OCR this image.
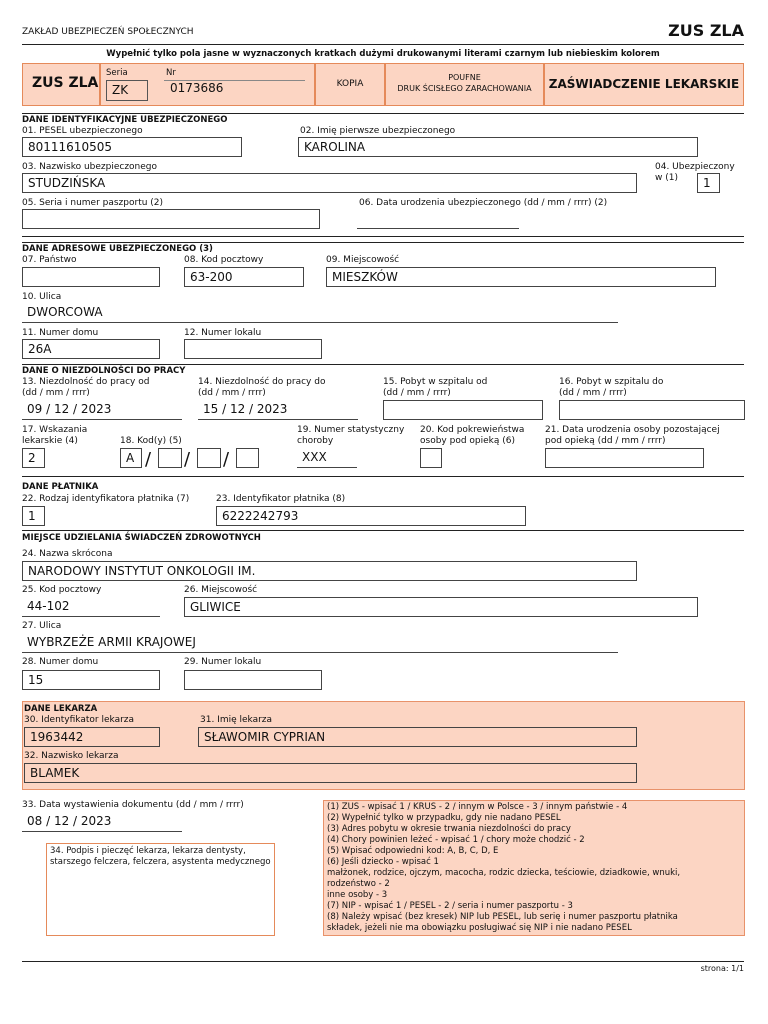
ZAKŁAD UBEZPIECZEŃ SPOŁECZNYCH	ZUS ZLA
Wypełnić tylko pola jasne w wyznaczonych kratkach dużymi drukowanymi literami czarnym lub niebieskim kolorem
ZUS ZLA
Seria
ZK
Nr
0173686	KOPIA
POUFNE
DRUK ŚCISŁEGO ZARACHOWANIA	ZAŚWIADCZENIE LEKARSKIE
DANE IDENTYFIKACYJNE UBEZPIECZONEGO
01. PESEL ubezpieczonego
80111610505
02. Imię pierwsze ubezpieczonego
KAROLINA
03. Nazwisko ubezpieczonego
STUDZIŃSKA
04. Ubezpieczony
w (1)	1
05. Seria i numer paszportu (2)	06. Data urodzenia ubezpieczonego (dd / mm / rrrr) (2)
DANE ADRESOWE UBEZPIECZONEGO (3)
07. Państwo	08. Kod pocztowy
63-200
09. Miejscowość
MIESZKÓW
10. Ulica
DWORCOWA
11. Numer domu
26A
12. Numer lokalu
DANE O NIEZDOLNOŚCI DO PRACY
13. Niezdolność do pracy od
(dd / mm / rrrr)
09 / 12 / 2023
14. Niezdolność do pracy do
(dd / mm / rrrr)
15 / 12 / 2023
15. Pobyt w szpitalu od
(dd / mm / rrrr)
16. Pobyt w szpitalu do
(dd / mm / rrrr)
17. Wskazania
lekarskie (4)
2
18. Kod(y) (5)
A / / /
19. Numer statystyczny
choroby
XXX
20. Kod pokrewieństwa
osoby pod opieką (6)
21. Data urodzenia osoby pozostającej
pod opieką (dd / mm / rrrr)
DANE PŁATNIKA
22. Rodzaj identyfikatora płatnika (7)
1
23. Identyfikator płatnika (8)
6222242793
MIEJSCE UDZIELANIA ŚWIADCZEŃ ZDROWOTNYCH
24. Nazwa skrócona
NARODOWY INSTYTUT ONKOLOGII IM.
25. Kod pocztowy
44-102
26. Miejscowość
GLIWICE
27. Ulica
WYBRZEŻE ARMII KRAJOWEJ
28. Numer domu
15
29. Numer lokalu
DANE LEKARZA
30. Identyfikator lekarza
1963442
31. Imię lekarza
SŁAWOMIR CYPRIAN
32. Nazwisko lekarza
BLAMEK
33. Data wystawienia dokumentu (dd / mm / rrrr)
08 / 12 / 2023
34. Podpis i pieczęć lekarza, lekarza dentysty,
starszego felczera, felczera, asystenta medycznego
(1) ZUS - wpisać 1 / KRUS - 2 / innym w Polsce - 3 / innym państwie - 4
(2) Wypełnić tylko w przypadku, gdy nie nadano PESEL
(3) Adres pobytu w okresie trwania niezdolności do pracy
(4) Chory powinien leżeć - wpisać 1 / chory może chodzić - 2
(5) Wpisać odpowiedni kod: A, B, C, D, E
(6) Jeśli dziecko - wpisać 1
małżonek, rodzice, ojczym, macocha, rodzic dziecka, teściowie, dziadkowie, wnuki,
rodzeństwo - 2
inne osoby - 3
(7) NIP - wpisać 1 / PESEL - 2 / seria i numer paszportu - 3
(8) Należy wpisać (bez kresek) NIP lub PESEL, lub serię i numer paszportu płatnika
składek, jeżeli nie ma obowiązku posługiwać się NIP i nie nadano PESEL
strona: 1/1
